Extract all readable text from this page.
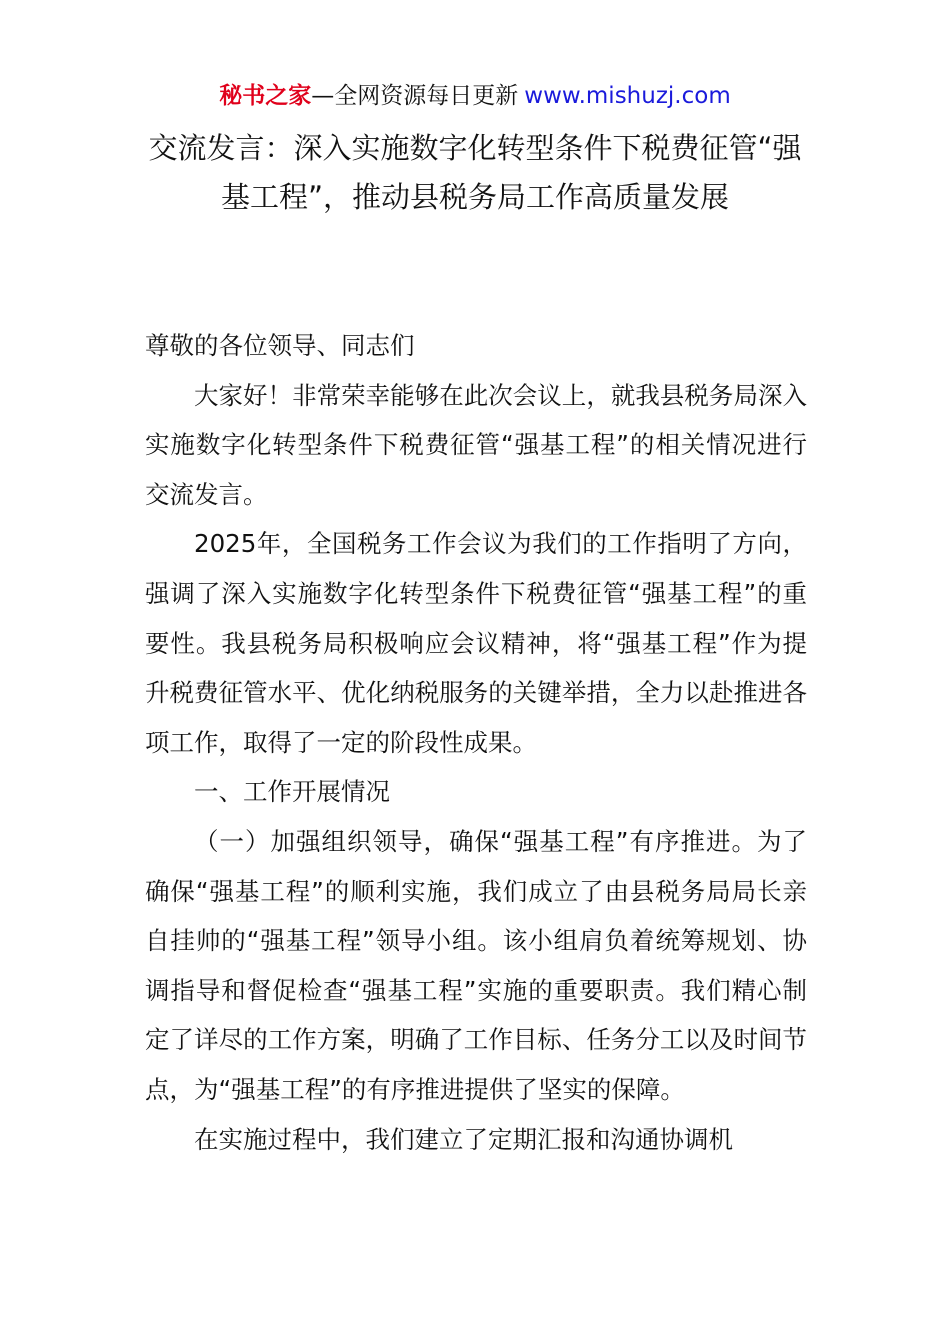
秘书之家—全网资源每日更新 www.mishuzj.com
交流发言：深入实施数字化转型条件下税费征管“强基工程”，推动县税务局工作高质量发展

尊敬的各位领导、同志们

大家好！非常荣幸能够在此次会议上，就我县税务局深入实施数字化转型条件下税费征管“强基工程”的相关情况进行交流发言。

2025年，全国税务工作会议为我们的工作指明了方向，强调了深入实施数字化转型条件下税费征管“强基工程”的重要性。我县税务局积极响应会议精神，将“强基工程”作为提升税费征管水平、优化纳税服务的关键举措，全力以赴推进各项工作，取得了一定的阶段性成果。

一、工作开展情况

（一）加强组织领导，确保“强基工程”有序推进。为了确保“强基工程”的顺利实施，我们成立了由县税务局局长亲自挂帅的“强基工程”领导小组。该小组肩负着统筹规划、协调指导和督促检查“强基工程”实施的重要职责。我们精心制定了详尽的工作方案，明确了工作目标、任务分工以及时间节点，为“强基工程”的有序推进提供了坚实的保障。

在实施过程中，我们建立了定期汇报和沟通协调机
